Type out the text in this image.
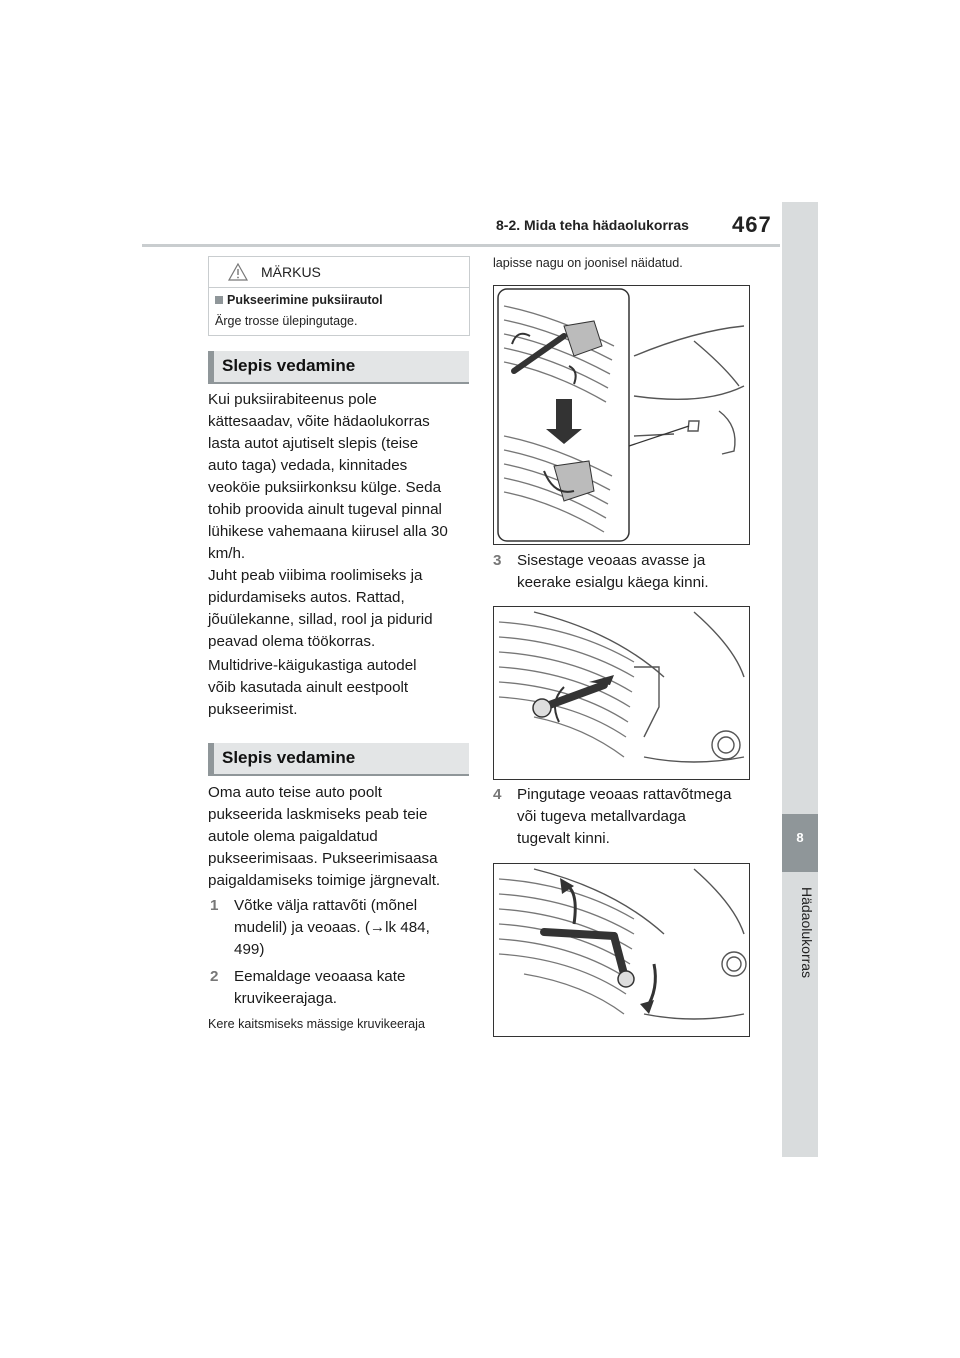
8-2. Mida teha hädaolukorras 467
8
Hädaolukorras
MÄRKUS
Pukseerimine puksiirautol
Ärge trosse ülepingutage.
Slepis vedamine
Kui puksiirabiteenus pole
kättesaadav, võite hädaolukorras
lasta autot ajutiselt slepis (teise
auto taga) vedada, kinnitades
veoköie puksiirkonksu külge. Seda
tohib proovida ainult tugeval pinnal
lühikese vahemaana kiirusel alla 30
km/h.
Juht peab viibima roolimiseks ja
pidurdamiseks autos. Rattad,
jõuülekanne, sillad, rool ja pidurid
peavad olema töökorras.
Multidrive-käigukastiga autodel
võib kasutada ainult eestpoolt
pukseerimist.
Slepis vedamine
Oma auto teise auto poolt
pukseerida laskmiseks peab teie
autole olema paigaldatud
pukseerimisaas. Pukseerimisaasa
paigaldamiseks toimige järgnevalt.
1 Võtke välja rattavõti (mõnel
mudelil) ja veoaas. (→lk 484,
499)
2 Eemaldage veoaasa kate
kruvikeerajaga.
Kere kaitsmiseks mässige kruvikeeraja
lapisse nagu on joonisel näidatud.
3 Sisestage veoaas avasse ja
keerake esialgu käega kinni.
4 Pingutage veoaas rattavõtmega
või tugeva metallvardaga
tugevalt kinni.
